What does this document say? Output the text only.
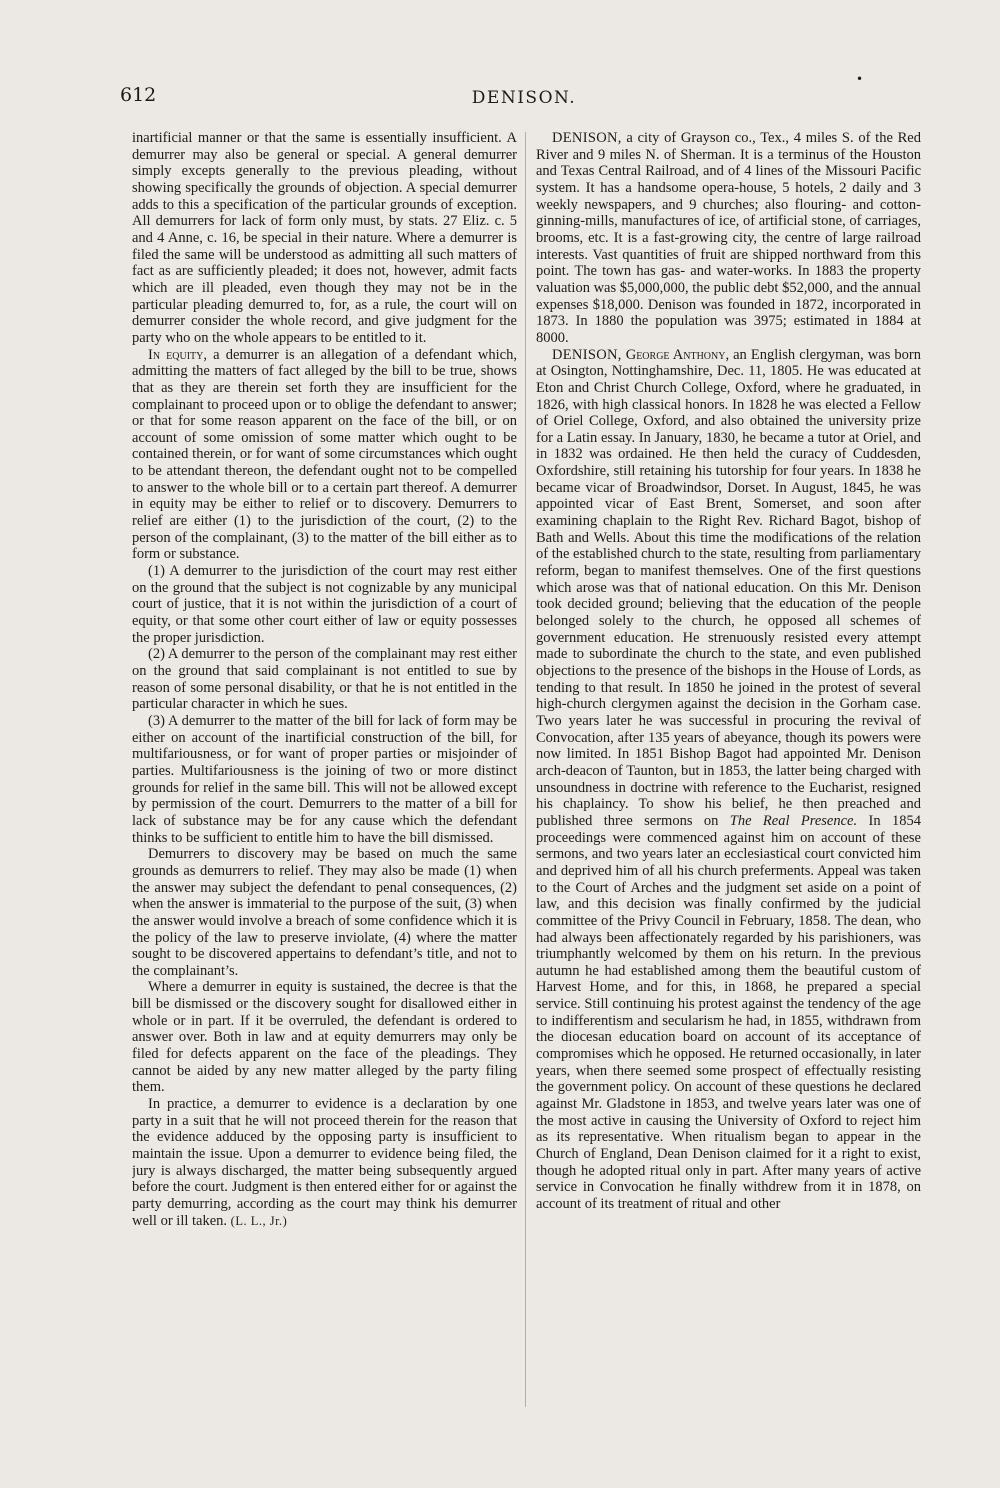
612	DENISON.
•

inartificial manner or that the same is essentially insufficient. A demurrer may also be general or special. A general demurrer simply excepts generally to the previous pleading, without showing specifically the grounds of objection. A special demurrer adds to this a specification of the particular grounds of exception. All demurrers for lack of form only must, by stats. 27 Eliz. c. 5 and 4 Anne, c. 16, be special in their nature. Where a demurrer is filed the same will be understood as admitting all such matters of fact as are sufficiently pleaded; it does not, however, admit facts which are ill pleaded, even though they may not be in the particular pleading demurred to, for, as a rule, the court will on demurrer consider the whole record, and give judgment for the party who on the whole appears to be entitled to it.

In equity, a demurrer is an allegation of a defendant which, admitting the matters of fact alleged by the bill to be true, shows that as they are therein set forth they are insufficient for the complainant to proceed upon or to oblige the defendant to answer; or that for some reason apparent on the face of the bill, or on account of some omission of some matter which ought to be contained therein, or for want of some circumstances which ought to be attendant thereon, the defendant ought not to be compelled to answer to the whole bill or to a certain part thereof. A demurrer in equity may be either to relief or to discovery. Demurrers to relief are either (1) to the jurisdiction of the court, (2) to the person of the complainant, (3) to the matter of the bill either as to form or substance.

(1) A demurrer to the jurisdiction of the court may rest either on the ground that the subject is not cognizable by any municipal court of justice, that it is not within the jurisdiction of a court of equity, or that some other court either of law or equity possesses the proper jurisdiction.

(2) A demurrer to the person of the complainant may rest either on the ground that said complainant is not entitled to sue by reason of some personal disability, or that he is not entitled in the particular character in which he sues.

(3) A demurrer to the matter of the bill for lack of form may be either on account of the inartificial construction of the bill, for multifariousness, or for want of proper parties or misjoinder of parties. Multifariousness is the joining of two or more distinct grounds for relief in the same bill. This will not be allowed except by permission of the court. Demurrers to the matter of a bill for lack of substance may be for any cause which the defendant thinks to be sufficient to entitle him to have the bill dismissed.

Demurrers to discovery may be based on much the same grounds as demurrers to relief. They may also be made (1) when the answer may subject the defendant to penal consequences, (2) when the answer is immaterial to the purpose of the suit, (3) when the answer would involve a breach of some confidence which it is the policy of the law to preserve inviolate, (4) where the matter sought to be discovered appertains to defendant’s title, and not to the complainant’s.

Where a demurrer in equity is sustained, the decree is that the bill be dismissed or the discovery sought for disallowed either in whole or in part. If it be overruled, the defendant is ordered to answer over. Both in law and at equity demurrers may only be filed for defects apparent on the face of the pleadings. They cannot be aided by any new matter alleged by the party filing them.

In practice, a demurrer to evidence is a declaration by one party in a suit that he will not proceed therein for the reason that the evidence adduced by the opposing party is insufficient to maintain the issue. Upon a demurrer to evidence being filed, the jury is always discharged, the matter being subsequently argued before the court. Judgment is then entered either for or against the party demurring, according as the court may think his demurrer well or ill taken. (L. L., Jr.)

DENISON, a city of Grayson co., Tex., 4 miles S. of the Red River and 9 miles N. of Sherman. It is a terminus of the Houston and Texas Central Railroad, and of 4 lines of the Missouri Pacific system. It has a handsome opera-house, 5 hotels, 2 daily and 3 weekly newspapers, and 9 churches; also flouring- and cotton-ginning-mills, manufactures of ice, of artificial stone, of carriages, brooms, etc. It is a fast-growing city, the centre of large railroad interests. Vast quantities of fruit are shipped northward from this point. The town has gas- and water-works. In 1883 the property valuation was $5,000,000, the public debt $52,000, and the annual expenses $18,000. Denison was founded in 1872, incorporated in 1873. In 1880 the population was 3975; estimated in 1884 at 8000.

DENISON, George Anthony, an English clergyman, was born at Osington, Nottinghamshire, Dec. 11, 1805. He was educated at Eton and Christ Church College, Oxford, where he graduated, in 1826, with high classical honors. In 1828 he was elected a Fellow of Oriel College, Oxford, and also obtained the university prize for a Latin essay. In January, 1830, he became a tutor at Oriel, and in 1832 was ordained. He then held the curacy of Cuddesden, Oxfordshire, still retaining his tutorship for four years. In 1838 he became vicar of Broadwindsor, Dorset. In August, 1845, he was appointed vicar of East Brent, Somerset, and soon after examining chaplain to the Right Rev. Richard Bagot, bishop of Bath and Wells. About this time the modifications of the relation of the established church to the state, resulting from parliamentary reform, began to manifest themselves. One of the first questions which arose was that of national education. On this Mr. Denison took decided ground; believing that the education of the people belonged solely to the church, he opposed all schemes of government education. He strenuously resisted every attempt made to subordinate the church to the state, and even published objections to the presence of the bishops in the House of Lords, as tending to that result. In 1850 he joined in the protest of several high-church clergymen against the decision in the Gorham case. Two years later he was successful in procuring the revival of Convocation, after 135 years of abeyance, though its powers were now limited. In 1851 Bishop Bagot had appointed Mr. Denison arch-deacon of Taunton, but in 1853, the latter being charged with unsoundness in doctrine with reference to the Eucharist, resigned his chaplaincy. To show his belief, he then preached and published three sermons on The Real Presence. In 1854 proceedings were commenced against him on account of these sermons, and two years later an ecclesiastical court convicted him and deprived him of all his church preferments. Appeal was taken to the Court of Arches and the judgment set aside on a point of law, and this decision was finally confirmed by the judicial committee of the Privy Council in February, 1858. The dean, who had always been affectionately regarded by his parishioners, was triumphantly welcomed by them on his return. In the previous autumn he had established among them the beautiful custom of Harvest Home, and for this, in 1868, he prepared a special service. Still continuing his protest against the tendency of the age to indifferentism and secularism he had, in 1855, withdrawn from the diocesan education board on account of its acceptance of compromises which he opposed. He returned occasionally, in later years, when there seemed some prospect of effectually resisting the government policy. On account of these questions he declared against Mr. Gladstone in 1853, and twelve years later was one of the most active in causing the University of Oxford to reject him as its representative. When ritualism began to appear in the Church of England, Dean Denison claimed for it a right to exist, though he adopted ritual only in part. After many years of active service in Convocation he finally withdrew from it in 1878, on account of its treatment of ritual and other
